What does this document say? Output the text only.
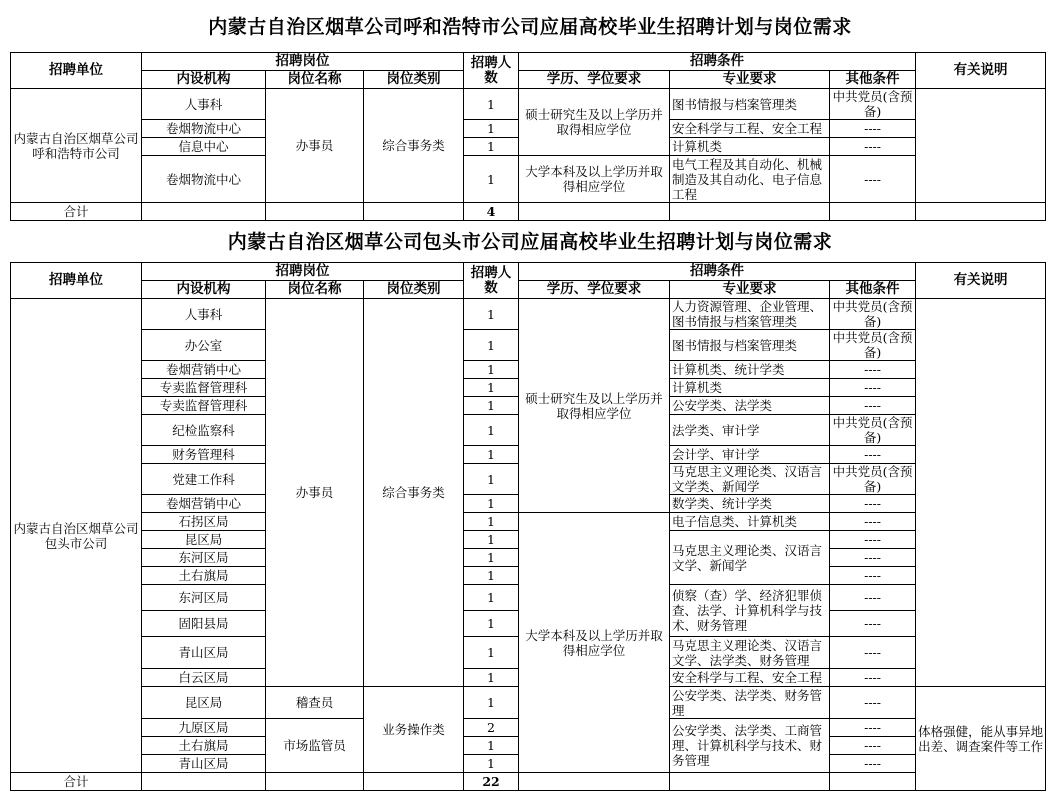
内蒙古自治区烟草公司呼和浩特市公司应届高校毕业生招聘计划与岗位需求
招聘单位	招聘岗位			招聘人数	招聘条件			有关说明
	内设机构	岗位名称	岗位类别		学历、学位要求	专业要求	其他条件	
内蒙古自治区烟草公司呼和浩特市公司	人事科	办事员	综合事务类	1	硕士研究生及以上学历并取得相应学位	图书情报与档案管理类	中共党员(含预备)	
	卷烟物流中心			1		安全科学与工程、安全工程	----	
	信息中心			1		计算机类	----	
	卷烟物流中心			1	大学本科及以上学历并取得相应学位	电气工程及其自动化、机械制造及其自动化、电子信息工程	----	
合计				4				
内蒙古自治区烟草公司包头市公司应届高校毕业生招聘计划与岗位需求
招聘单位	招聘岗位			招聘人数	招聘条件			有关说明
	内设机构	岗位名称	岗位类别		学历、学位要求	专业要求	其他条件	
内蒙古自治区烟草公司包头市公司	人事科	办事员	综合事务类	1	硕士研究生及以上学历并取得相应学位	人力资源管理、企业管理、图书情报与档案管理类	中共党员(含预备)	
	办公室			1		图书情报与档案管理类	中共党员(含预备)	
	卷烟营销中心			1		计算机类、统计学类	----	
	专卖监督管理科			1		计算机类	----	
	专卖监督管理科			1		公安学类、法学类	----	
	纪检监察科			1		法学类、审计学	中共党员(含预备)	
	财务管理科			1		会计学、审计学	----	
	党建工作科			1		马克思主义理论类、汉语言文学类、新闻学	中共党员(含预备)	
	卷烟营销中心			1		数学类、统计学类	----	
	石拐区局			1	大学本科及以上学历并取得相应学位	电子信息类、计算机类	----	
	昆区局			1		马克思主义理论类、汉语言文学、新闻学	----	
	东河区局			1			----	
	土右旗局			1			----	
	东河区局			1		侦察（查）学、经济犯罪侦查、法学、计算机科学与技术、财务管理	----	
	固阳县局			1			----	
	青山区局			1		马克思主义理论类、汉语言文学、法学类、财务管理	----	
	白云区局			1		安全科学与工程、安全工程	----	
	昆区局	稽查员	业务操作类	1		公安学类、法学类、财务管理	----	体格强健，能从事异地出差、调查案件等工作
	九原区局	市场监管员		2		公安学类、法学类、工商管理、计算机科学与技术、财务管理	----	
	土右旗局			1			----	
	青山区局			1			----	
合计				22				
